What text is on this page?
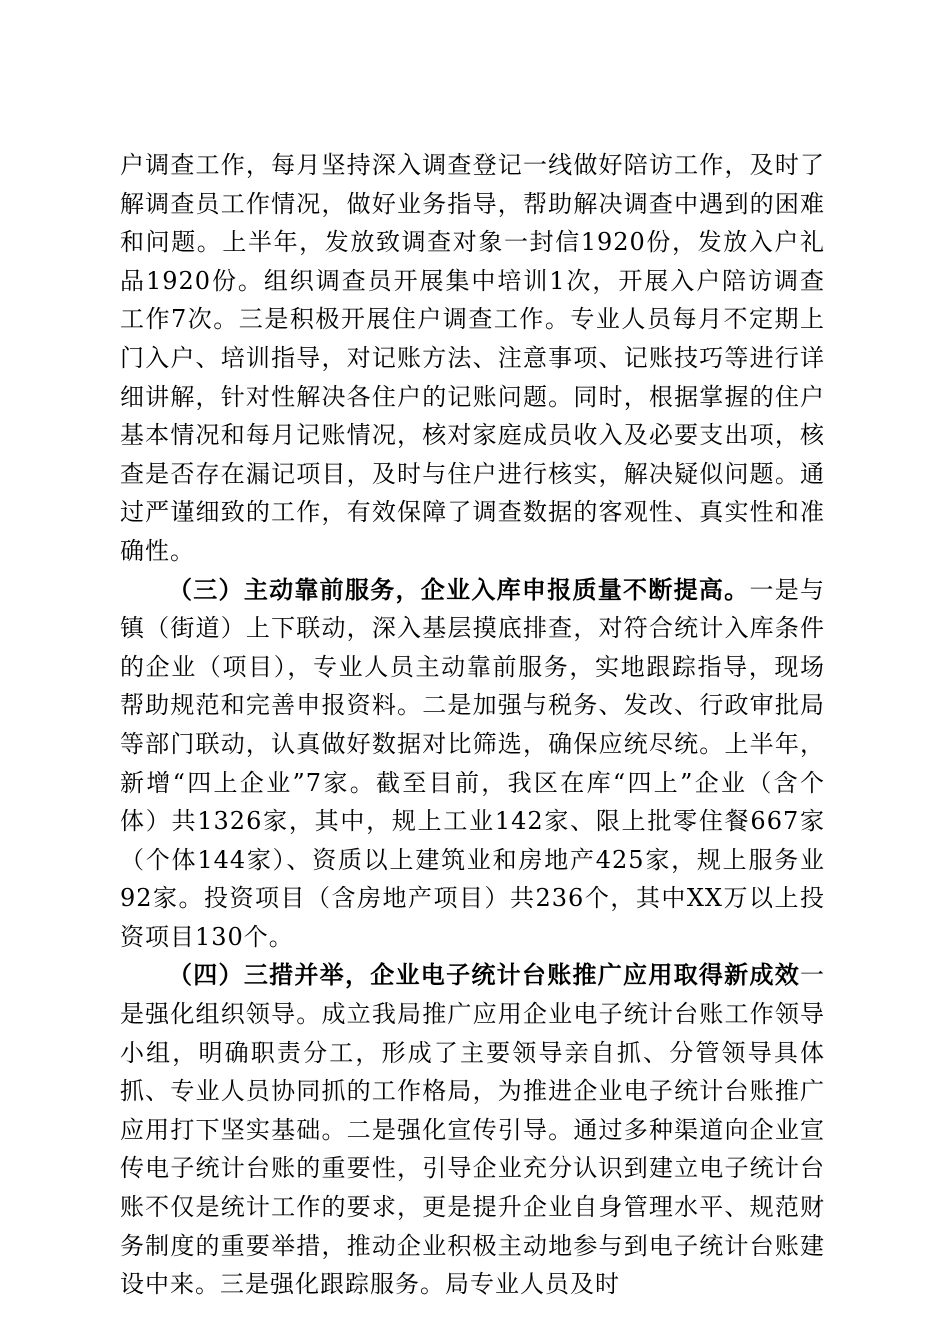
户调查工作，每月坚持深入调查登记一线做好陪访工作，及时了解调查员工作情况，做好业务指导，帮助解决调查中遇到的困难和问题。上半年，发放致调查对象一封信1920份，发放入户礼品1920份。组织调查员开展集中培训1次，开展入户陪访调查工作7次。三是积极开展住户调查工作。专业人员每月不定期上门入户、培训指导，对记账方法、注意事项、记账技巧等进行详细讲解，针对性解决各住户的记账问题。同时，根据掌握的住户基本情况和每月记账情况，核对家庭成员收入及必要支出项，核查是否存在漏记项目，及时与住户进行核实，解决疑似问题。通过严谨细致的工作，有效保障了调查数据的客观性、真实性和准确性。

（三）主动靠前服务，企业入库申报质量不断提高。一是与镇（街道）上下联动，深入基层摸底排查，对符合统计入库条件的企业（项目），专业人员主动靠前服务，实地跟踪指导，现场帮助规范和完善申报资料。二是加强与税务、发改、行政审批局等部门联动，认真做好数据对比筛选，确保应统尽统。上半年，新增“四上企业”7家。截至目前，我区在库“四上”企业（含个体）共1326家，其中，规上工业142家、限上批零住餐667家（个体144家）、资质以上建筑业和房地产425家，规上服务业92家。投资项目（含房地产项目）共236个，其中XX万以上投资项目130个。

（四）三措并举，企业电子统计台账推广应用取得新成效一是强化组织领导。成立我局推广应用企业电子统计台账工作领导小组，明确职责分工，形成了主要领导亲自抓、分管领导具体抓、专业人员协同抓的工作格局，为推进企业电子统计台账推广应用打下坚实基础。二是强化宣传引导。通过多种渠道向企业宣传电子统计台账的重要性，引导企业充分认识到建立电子统计台账不仅是统计工作的要求，更是提升企业自身管理水平、规范财务制度的重要举措，推动企业积极主动地参与到电子统计台账建设中来。三是强化跟踪服务。局专业人员及时
